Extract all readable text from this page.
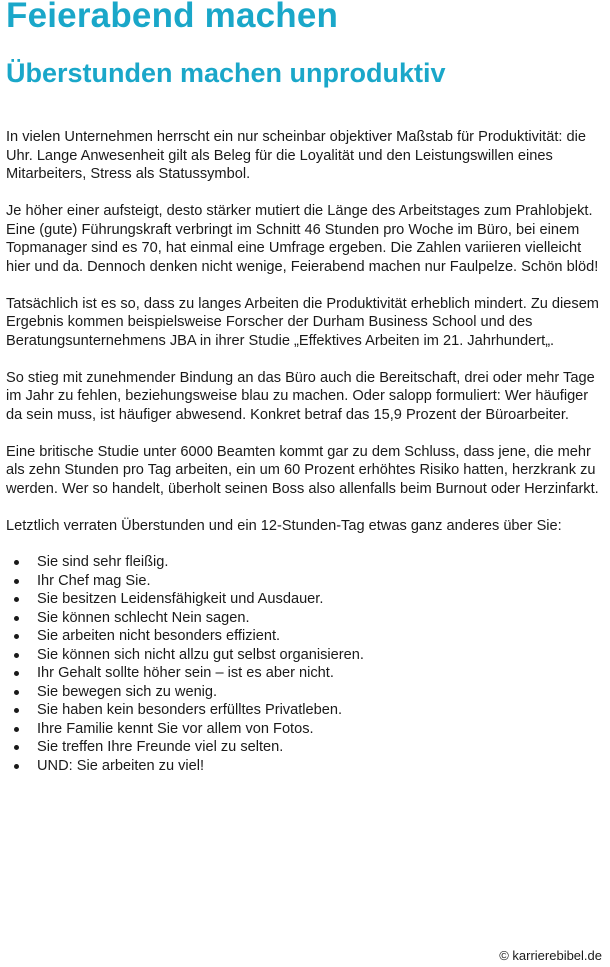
Feierabend machen
Überstunden machen unproduktiv

In vielen Unternehmen herrscht ein nur scheinbar objektiver Maßstab für Produktivität: die Uhr. Lange Anwesenheit gilt als Beleg für die Loyalität und den Leistungswillen eines Mitarbeiters, Stress als Statussymbol.

Je höher einer aufsteigt, desto stärker mutiert die Länge des Arbeitstages zum Prahlobjekt. Eine (gute) Führungskraft verbringt im Schnitt 46 Stunden pro Woche im Büro, bei einem Topmanager sind es 70, hat einmal eine Umfrage ergeben. Die Zahlen variieren vielleicht hier und da. Dennoch denken nicht wenige, Feierabend machen nur Faulpelze. Schön blöd!

Tatsächlich ist es so, dass zu langes Arbeiten die Produktivität erheblich mindert. Zu diesem Ergebnis kommen beispielsweise Forscher der Durham Business School und des Beratungsunternehmens JBA in ihrer Studie „Effektives Arbeiten im 21. Jahrhundert„.

So stieg mit zunehmender Bindung an das Büro auch die Bereitschaft, drei oder mehr Tage im Jahr zu fehlen, beziehungsweise blau zu machen. Oder salopp formuliert: Wer häufiger da sein muss, ist häufiger abwesend. Konkret betraf das 15,9 Prozent der Büroarbeiter.

Eine britische Studie unter 6000 Beamten kommt gar zu dem Schluss, dass jene, die mehr als zehn Stunden pro Tag arbeiten, ein um 60 Prozent erhöhtes Risiko hatten, herzkrank zu werden. Wer so handelt, überholt seinen Boss also allenfalls beim Burnout oder Herzinfarkt.

Letztlich verraten Überstunden und ein 12-Stunden-Tag etwas ganz anderes über Sie:

Sie sind sehr fleißig.
Ihr Chef mag Sie.
Sie besitzen Leidensfähigkeit und Ausdauer.
Sie können schlecht Nein sagen.
Sie arbeiten nicht besonders effizient.
Sie können sich nicht allzu gut selbst organisieren.
Ihr Gehalt sollte höher sein – ist es aber nicht.
Sie bewegen sich zu wenig.
Sie haben kein besonders erfülltes Privatleben.
Ihre Familie kennt Sie vor allem von Fotos.
Sie treffen Ihre Freunde viel zu selten.
UND: Sie arbeiten zu viel!
© karrierebibel.de
